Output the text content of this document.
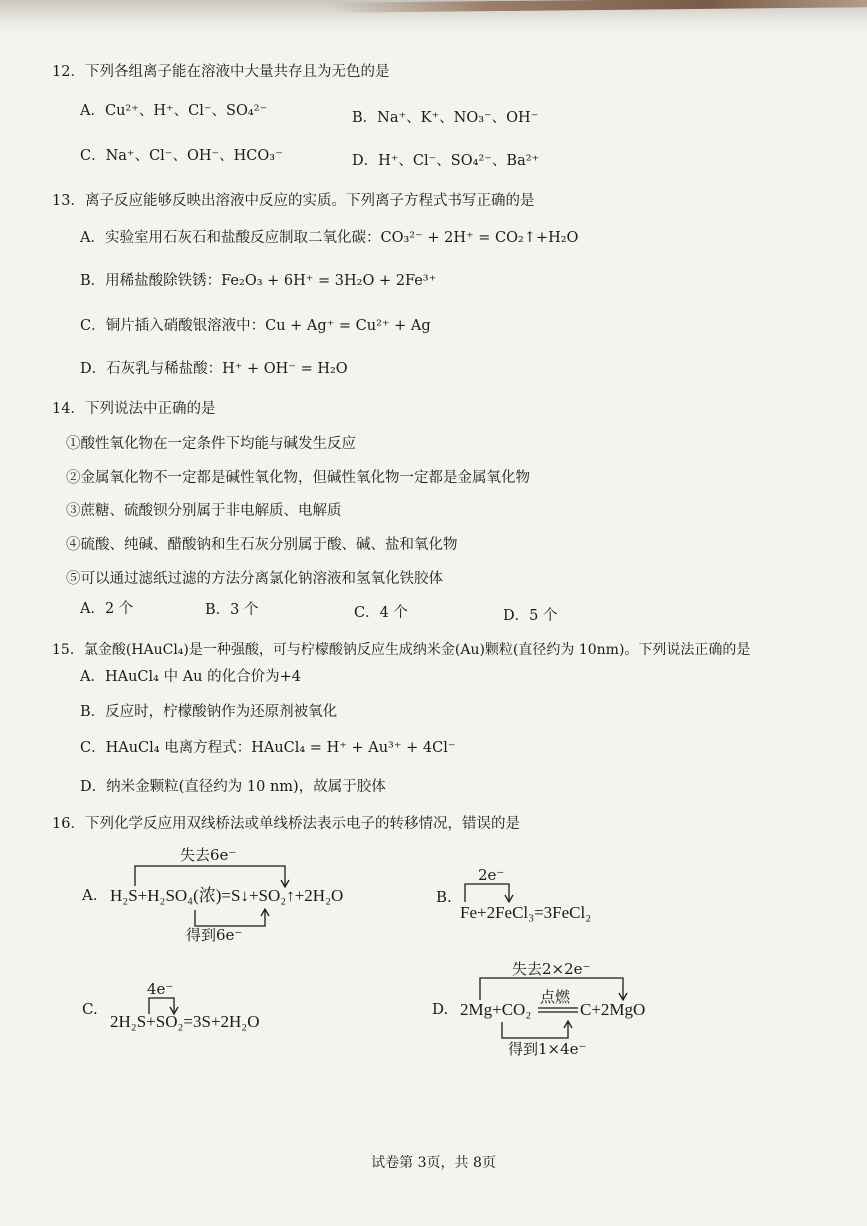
12．下列各组离子能在溶液中大量共存且为无色的是
A．Cu²⁺、H⁺、Cl⁻、SO₄²⁻	B．Na⁺、K⁺、NO₃⁻、OH⁻
C．Na⁺、Cl⁻、OH⁻、HCO₃⁻	D．H⁺、Cl⁻、SO₄²⁻、Ba²⁺
13．离子反应能够反映出溶液中反应的实质。下列离子方程式书写正确的是
A．实验室用石灰石和盐酸反应制取二氧化碳：CO₃²⁻ + 2H⁺ = CO₂↑+H₂O
B．用稀盐酸除铁锈：Fe₂O₃ + 6H⁺ = 3H₂O + 2Fe³⁺
C．铜片插入硝酸银溶液中：Cu + Ag⁺ = Cu²⁺ + Ag
D．石灰乳与稀盐酸：H⁺ + OH⁻ = H₂O
14．下列说法中正确的是
①酸性氧化物在一定条件下均能与碱发生反应
②金属氧化物不一定都是碱性氧化物，但碱性氧化物一定都是金属氧化物
③蔗糖、硫酸钡分别属于非电解质、电解质
④硫酸、纯碱、醋酸钠和生石灰分别属于酸、碱、盐和氧化物
⑤可以通过滤纸过滤的方法分离氯化钠溶液和氢氧化铁胶体
A．2 个	B．3 个	C．4 个	D．5 个
15．氯金酸(HAuCl₄)是一种强酸，可与柠檬酸钠反应生成纳米金(Au)颗粒(直径约为 10nm)。下列说法正确的是
A．HAuCl₄ 中 Au 的化合价为+4
B．反应时，柠檬酸钠作为还原剂被氧化
C．HAuCl₄ 电离方程式：HAuCl₄ = H⁺ + Au³⁺ + 4Cl⁻
D．纳米金颗粒(直径约为 10 nm)，故属于胶体
16．下列化学反应用双线桥法或单线桥法表示电子的转移情况，错误的是
A.
失去6e⁻
H₂S+H₂SO₄(浓)=S↓+SO₂↑+2H₂O
得到6e⁻
B.
2e⁻
Fe+2FeCl₃=3FeCl₂
C.
4e⁻
2H₂S+SO₂=3S+2H₂O
D.
失去2×2e⁻
2Mg+CO₂
点燃
C+2MgO
得到1×4e⁻
试卷第 3页，共 8页
